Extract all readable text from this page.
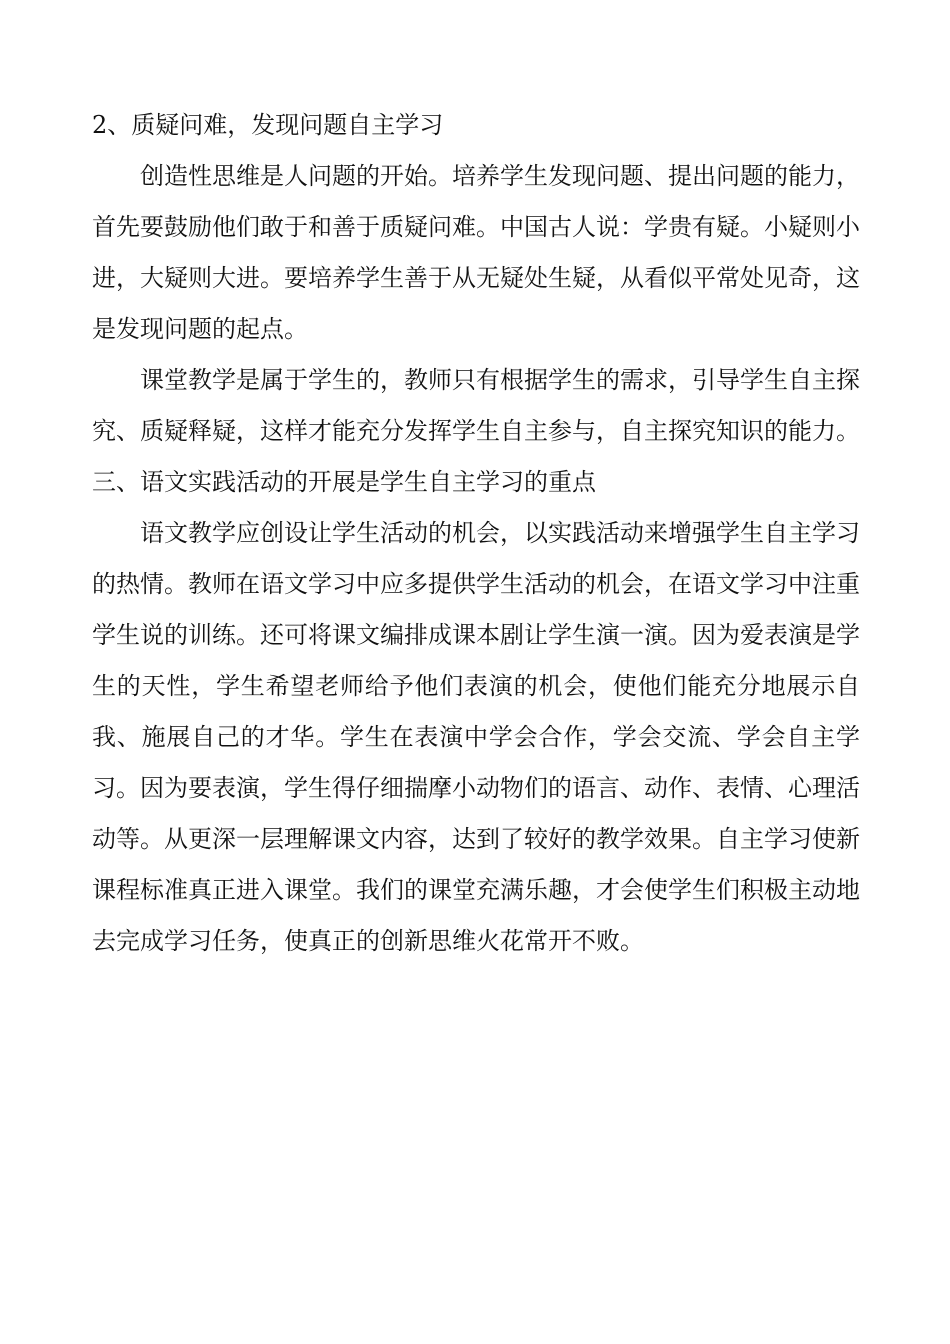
2、质疑问难，发现问题自主学习

创造性思维是人问题的开始。培养学生发现问题、提出问题的能力，首先要鼓励他们敢于和善于质疑问难。中国古人说：学贵有疑。小疑则小进，大疑则大进。要培养学生善于从无疑处生疑，从看似平常处见奇，这是发现问题的起点。

课堂教学是属于学生的，教师只有根据学生的需求，引导学生自主探究、质疑释疑，这样才能充分发挥学生自主参与，自主探究知识的能力。

三、语文实践活动的开展是学生自主学习的重点

语文教学应创设让学生活动的机会，以实践活动来增强学生自主学习的热情。教师在语文学习中应多提供学生活动的机会，在语文学习中注重学生说的训练。还可将课文编排成课本剧让学生演一演。因为爱表演是学生的天性，学生希望老师给予他们表演的机会，使他们能充分地展示自我、施展自己的才华。学生在表演中学会合作，学会交流、学会自主学习。因为要表演，学生得仔细揣摩小动物们的语言、动作、表情、心理活动等。从更深一层理解课文内容，达到了较好的教学效果。自主学习使新课程标准真正进入课堂。我们的课堂充满乐趣，才会使学生们积极主动地去完成学习任务，使真正的创新思维火花常开不败。
